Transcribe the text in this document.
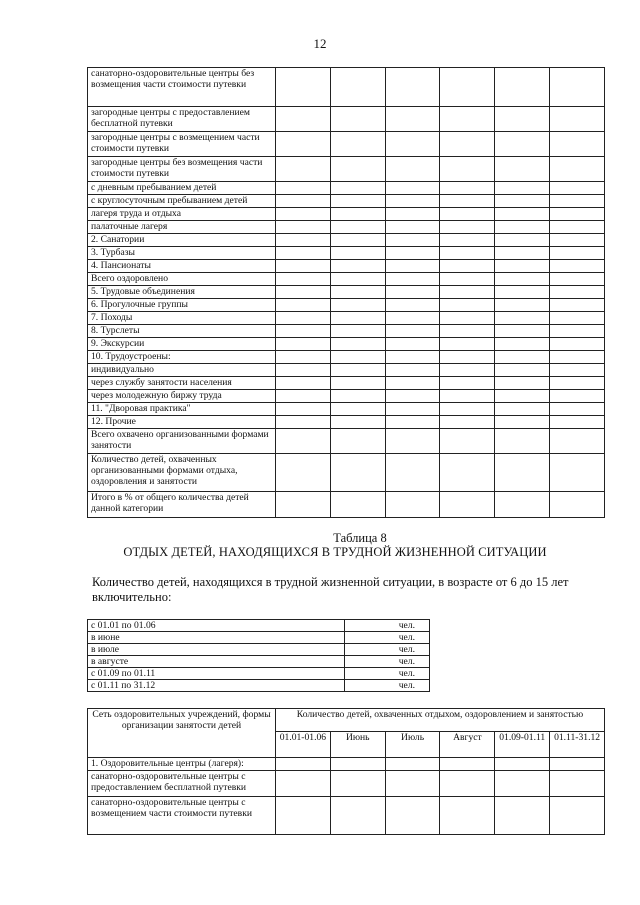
12
санаторно-оздоровительные центры без возмещения части стоимости путевки						
загородные центры с предоставлением бесплатной путевки						
загородные центры с возмещением части стоимости путевки						
загородные центры без возмещения части стоимости путевки						
с дневным пребыванием детей						
с круглосуточным пребыванием детей						
лагеря труда и отдыха						
палаточные лагеря						
2. Санатории						
3. Турбазы						
4. Пансионаты						
Всего оздоровлено						
5. Трудовые объединения						
6. Прогулочные группы						
7. Походы						
8. Турслеты						
9. Экскурсии						
10. Трудоустроены:						
индивидуально						
через службу занятости населения						
через молодежную биржу труда						
11. "Дворовая практика"						
12. Прочие						
Всего охвачено организованными формами занятости						
Количество детей, охваченных организованными формами отдыха, оздоровления и занятости						
Итого в % от общего количества детей данной категории						
Таблица 8
ОТДЫХ ДЕТЕЙ, НАХОДЯЩИХСЯ В ТРУДНОЙ ЖИЗНЕННОЙ СИТУАЦИИ
Количество детей, находящихся в трудной жизненной ситуации, в возрасте от 6 до 15 лет включительно:
с 01.01 по 01.06	чел.
в июне	чел.
в июле	чел.
в августе	чел.
с 01.09 по 01.11	чел.
с 01.11 по 31.12	чел.
Сеть оздоровительных учреждений, формы организации занятости детей	Количество детей, охваченных отдыхом, оздоровлением и занятостью					
	01.01-01.06	Июнь	Июль	Август	01.09-01.11	01.11-31.12
1. Оздоровительные центры (лагеря):						
санаторно-оздоровительные центры с предоставлением бесплатной путевки						
санаторно-оздоровительные центры с возмещением части стоимости путевки						
